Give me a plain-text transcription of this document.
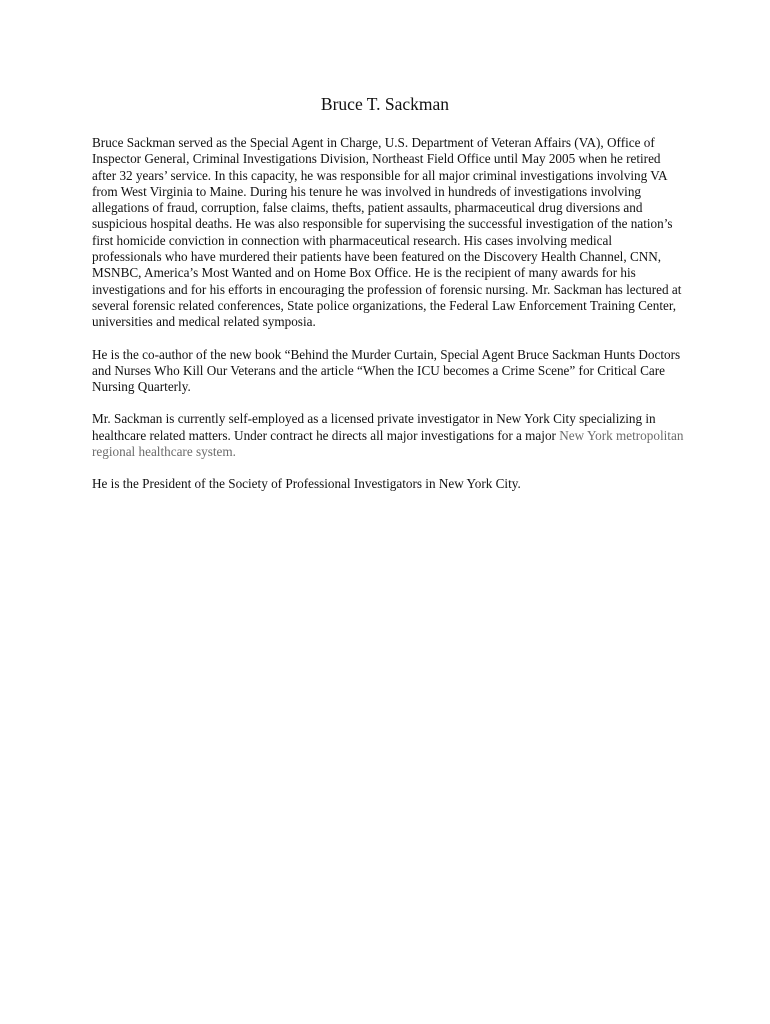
Bruce T. Sackman

Bruce Sackman served as the Special Agent in Charge, U.S. Department of Veteran Affairs (VA), Office of Inspector General, Criminal Investigations Division, Northeast Field Office until May 2005 when he retired after 32 years’ service. In this capacity, he was responsible for all major criminal investigations involving VA from West Virginia to Maine. During his tenure he was involved in hundreds of investigations involving allegations of fraud, corruption, false claims, thefts, patient assaults, pharmaceutical drug diversions and suspicious hospital deaths. He was also responsible for supervising the successful investigation of the nation’s first homicide conviction in connection with pharmaceutical research. His cases involving medical professionals who have murdered their patients have been featured on the Discovery Health Channel, CNN, MSNBC, America’s Most Wanted and on Home Box Office. He is the recipient of many awards for his investigations and for his efforts in encouraging the profession of forensic nursing. Mr. Sackman has lectured at several forensic related conferences, State police organizations, the Federal Law Enforcement Training Center, universities and medical related symposia.

He is the co-author of the new book “Behind the Murder Curtain, Special Agent Bruce Sackman Hunts Doctors and Nurses Who Kill Our Veterans and the article “When the ICU becomes a Crime Scene” for Critical Care Nursing Quarterly.

Mr. Sackman is currently self-employed as a licensed private investigator in New York City specializing in healthcare related matters. Under contract he directs all major investigations for a major New York metropolitan regional healthcare system.

He is the President of the Society of Professional Investigators in New York City.
